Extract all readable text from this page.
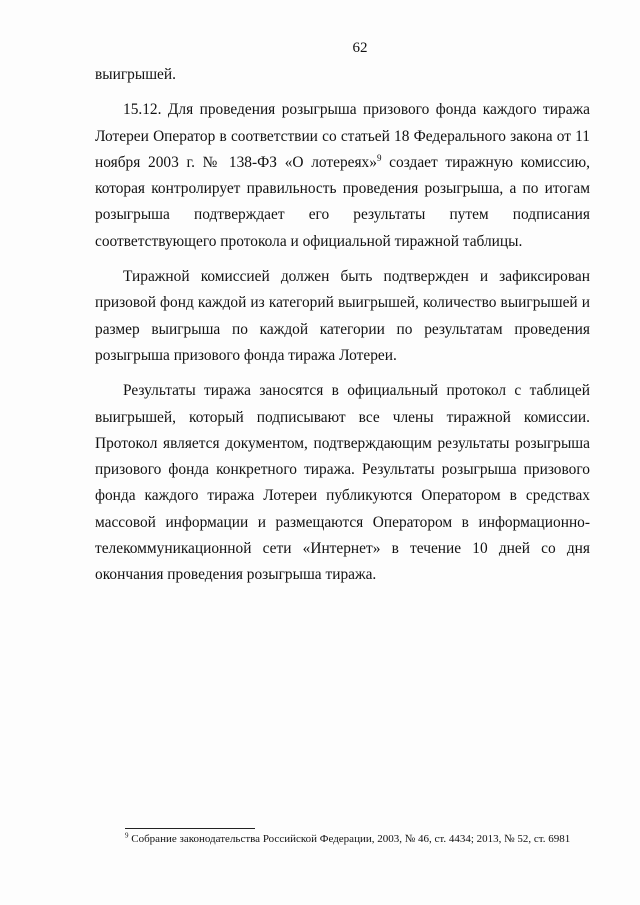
62

выигрышей.

15.12. Для проведения розыгрыша призового фонда каждого тиража Лотереи Оператор в соответствии со статьей 18 Федерального закона от 11 ноября 2003 г. № 138-ФЗ «О лотереях»$^9$ создает тиражную комиссию, которая контролирует правильность проведения розыгрыша, а по итогам розыгрыша подтверждает его результаты путем подписания соответствующего протокола и официальной тиражной таблицы.

Тиражной комиссией должен быть подтвержден и зафиксирован призовой фонд каждой из категорий выигрышей, количество выигрышей и размер выигрыша по каждой категории по результатам проведения розыгрыша призового фонда тиража Лотереи.

Результаты тиража заносятся в официальный протокол с таблицей выигрышей, который подписывают все члены тиражной комиссии. Протокол является документом, подтверждающим результаты розыгрыша призового фонда конкретного тиража. Результаты розыгрыша призового фонда каждого тиража Лотереи публикуются Оператором в средствах массовой информации и размещаются Оператором в информационно-телекоммуникационной сети «Интернет» в течение 10 дней со дня окончания проведения розыгрыша тиража.

$^9$ Собрание законодательства Российской Федерации, 2003, № 46, ст. 4434; 2013, № 52, ст. 6981
